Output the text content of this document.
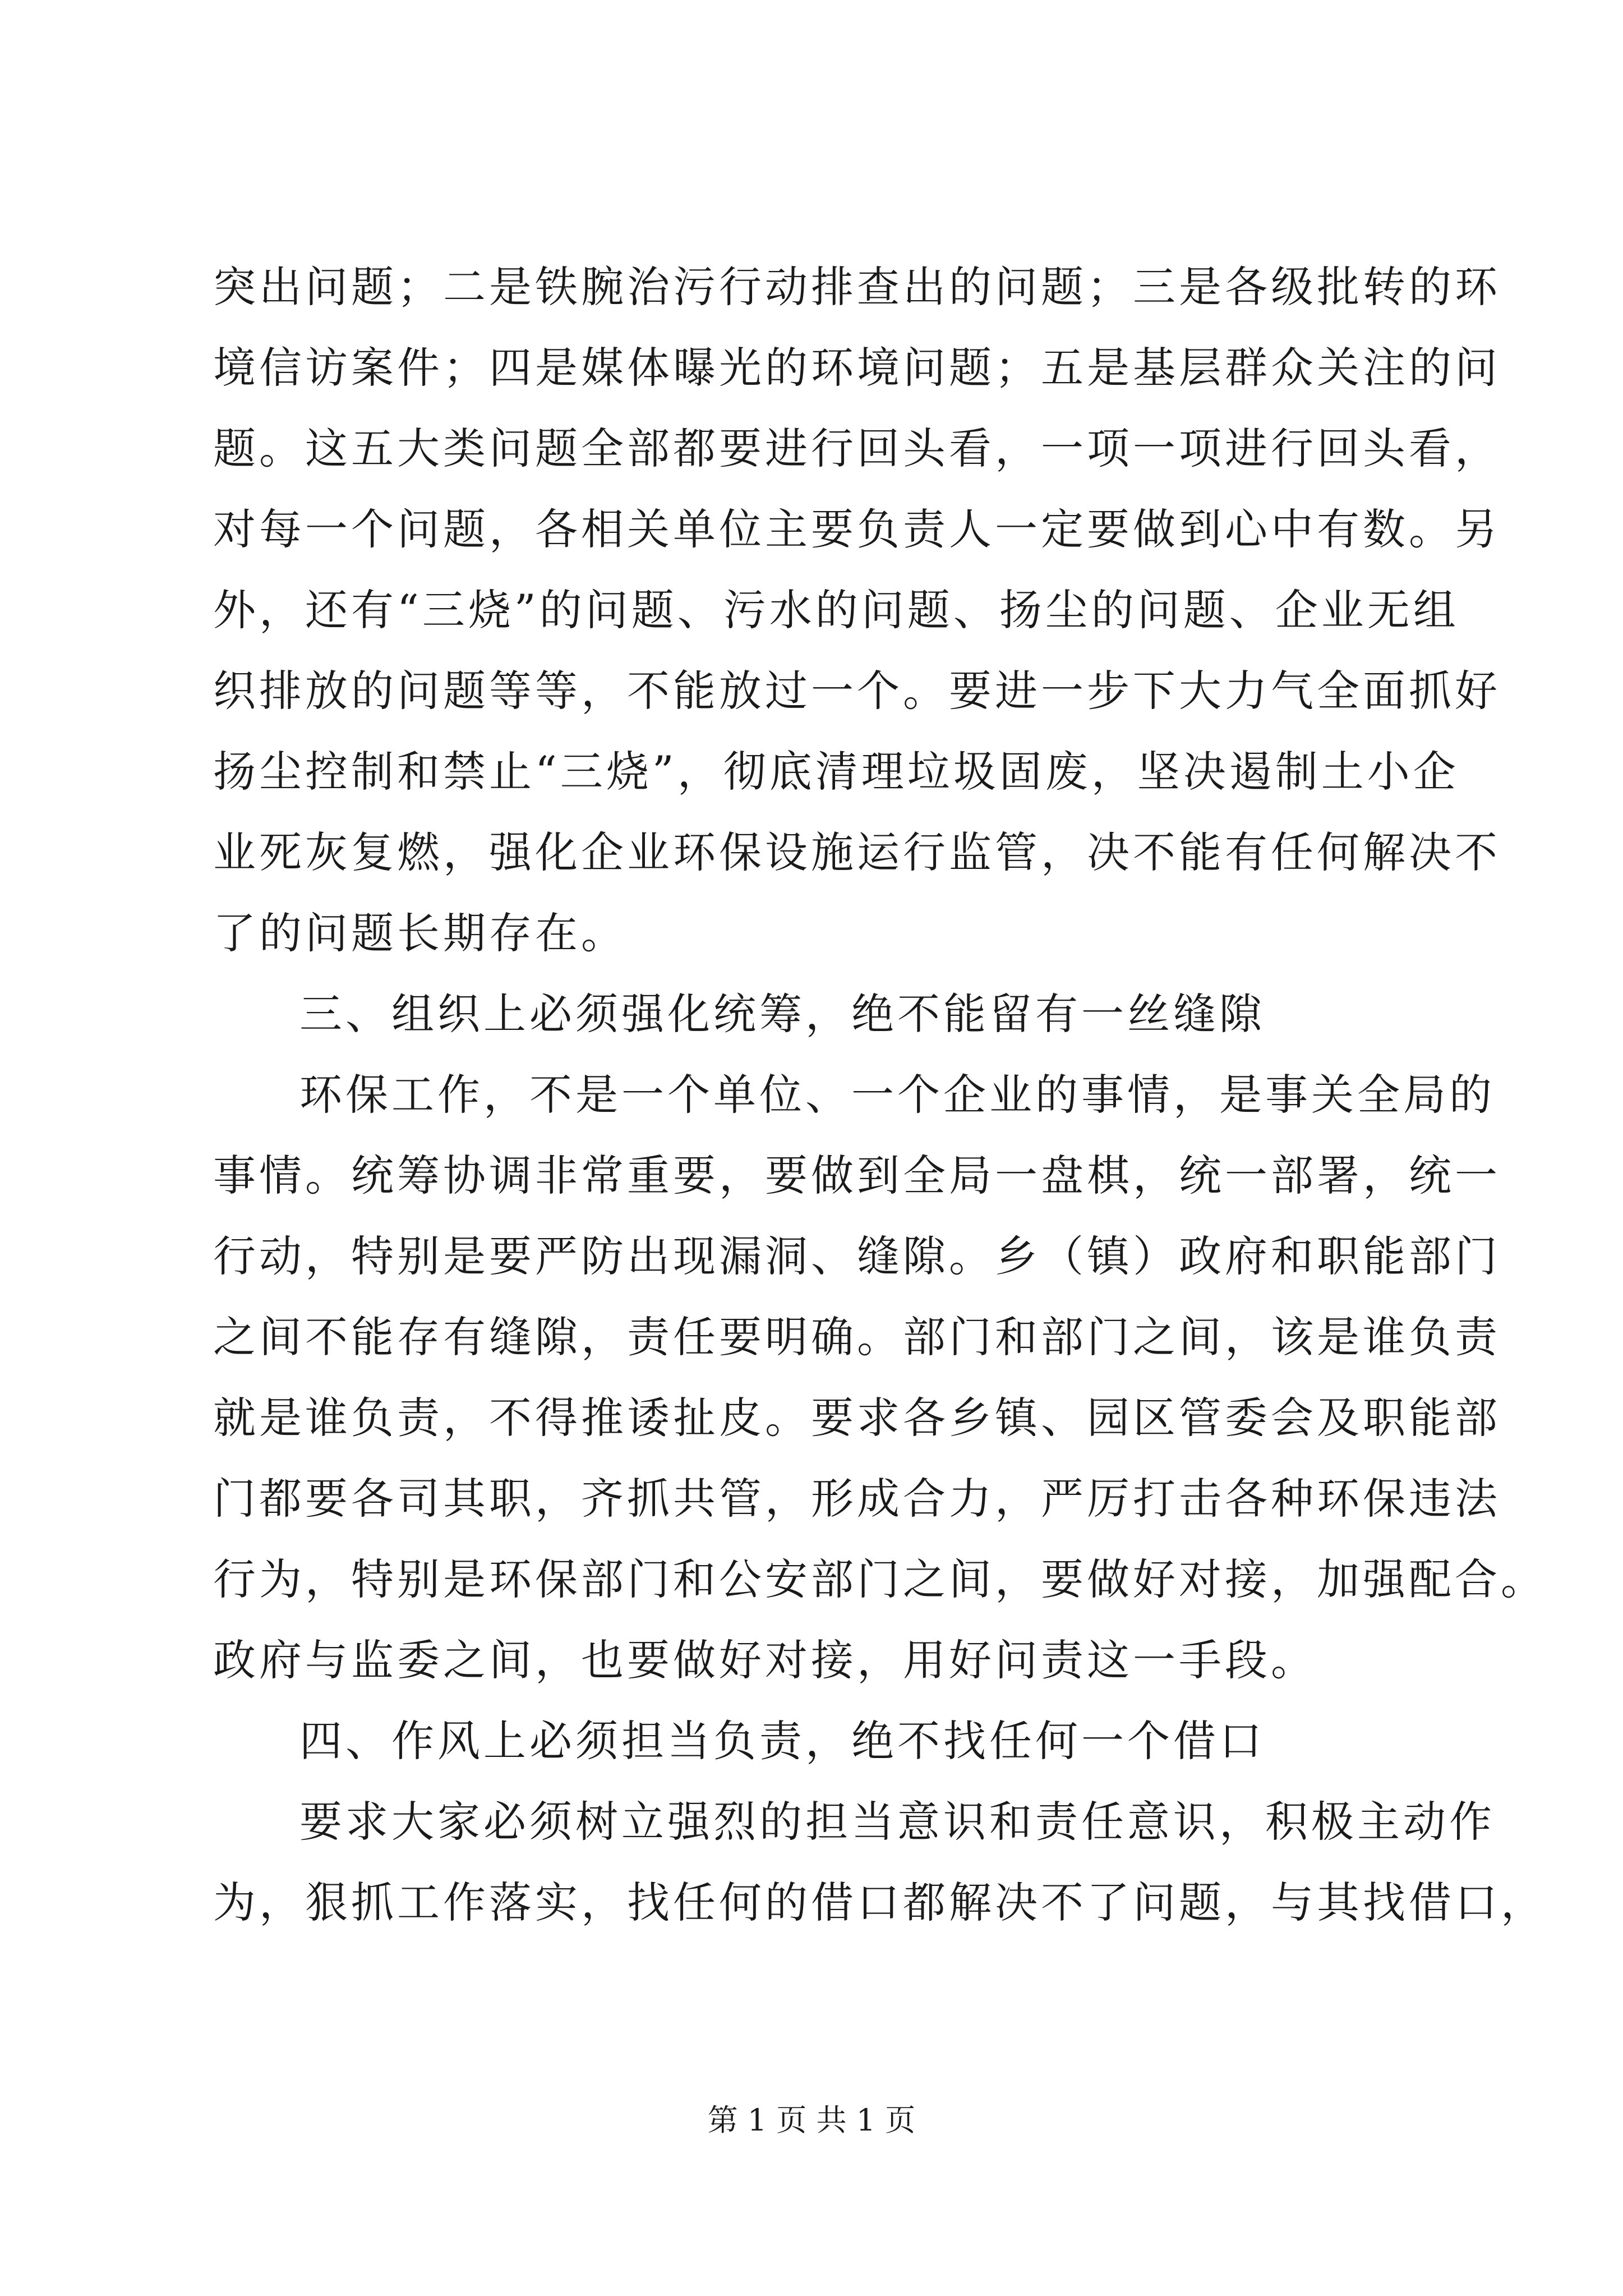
突出问题；二是铁腕治污行动排查出的问题；三是各级批转的环
境信访案件；四是媒体曝光的环境问题；五是基层群众关注的问
题。这五大类问题全部都要进行回头看，一项一项进行回头看，
对每一个问题，各相关单位主要负责人一定要做到心中有数。另
外，还有“三烧”的问题、污水的问题、扬尘的问题、企业无组
织排放的问题等等，不能放过一个。要进一步下大力气全面抓好
扬尘控制和禁止“三烧”，彻底清理垃圾固废，坚决遏制土小企
业死灰复燃，强化企业环保设施运行监管，决不能有任何解决不
了的问题长期存在。
三、组织上必须强化统筹，绝不能留有一丝缝隙
环保工作，不是一个单位、一个企业的事情，是事关全局的
事情。统筹协调非常重要，要做到全局一盘棋，统一部署，统一
行动，特别是要严防出现漏洞、缝隙。乡（镇）政府和职能部门
之间不能存有缝隙，责任要明确。部门和部门之间，该是谁负责
就是谁负责，不得推诿扯皮。要求各乡镇、园区管委会及职能部
门都要各司其职，齐抓共管，形成合力，严厉打击各种环保违法
行为，特别是环保部门和公安部门之间，要做好对接，加强配合。
政府与监委之间，也要做好对接，用好问责这一手段。
四、作风上必须担当负责，绝不找任何一个借口
要求大家必须树立强烈的担当意识和责任意识，积极主动作
为，狠抓工作落实，找任何的借口都解决不了问题，与其找借口，
第 1 页 共 1 页
